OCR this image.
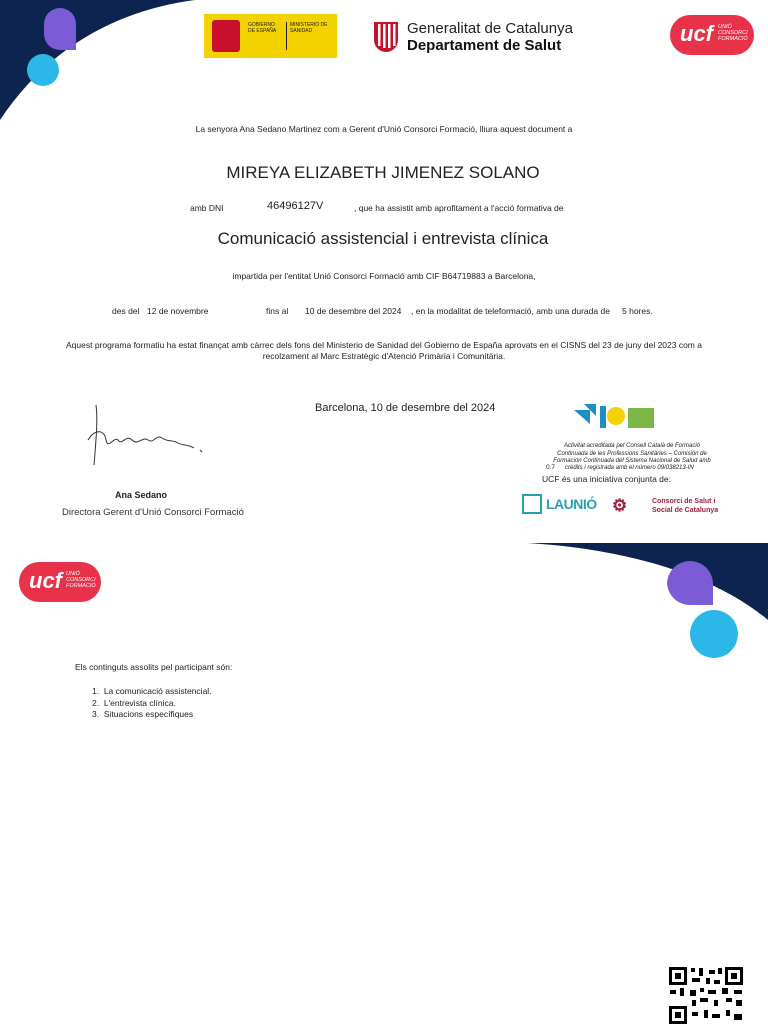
GOBIERNO DE ESPAÑA
MINISTERIO DE SANIDAD	Generalitat de Catalunya
Departament de Salut	ucf UNIÓ
CONSORCI
FORMACIÓ
La senyora Ana Sedano Martinez com a Gerent d'Unió Consorci Formació, lliura aquest document a
MIREYA ELIZABETH JIMENEZ SOLANO
amb DNI	46496127V	, que ha assistit amb aprofitament a l'acció formativa de
Comunicació assistencial i entrevista clínica
impartida per l'entitat Unió Consorci Formació amb CIF B64719883 a Barcelona,
des del 12 de novembre	fins al 10 de desembre del 2024 , en la modalitat de teleformació, amb una durada de 5 hores.
Aquest programa formatiu ha estat finançat amb càrrec dels fons del Ministerio de Sanidad del Gobierno de España aprovats en el CISNS del 23 de juny del 2023 com a
recolzament al Marc Estratègic d'Atenció Primària i Comunitària.
Barcelona, 10 de desembre del 2024
Ana Sedano
Directora Gerent d'Unió Consorci Formació
Activitat acreditada pel Consell Català de Formació
Continuada de les Professions Sanitàries – Comisión de
Formación Continuada del Sistema Nacional de Salud amb
0.7 crèdits i registrada amb el número 09/038213-IN
UCF és una iniciativa conjunta de:
LAUNIÓ ⚙	Consorci de Salut i
Social de Catalunya
ucf UNIÓ
CONSORCI
FORMACIÓ
Els continguts assolits pel participant són:
1. La comunicació assistencial.
2. L'entrevista clínica.
3. Situacions específiques
